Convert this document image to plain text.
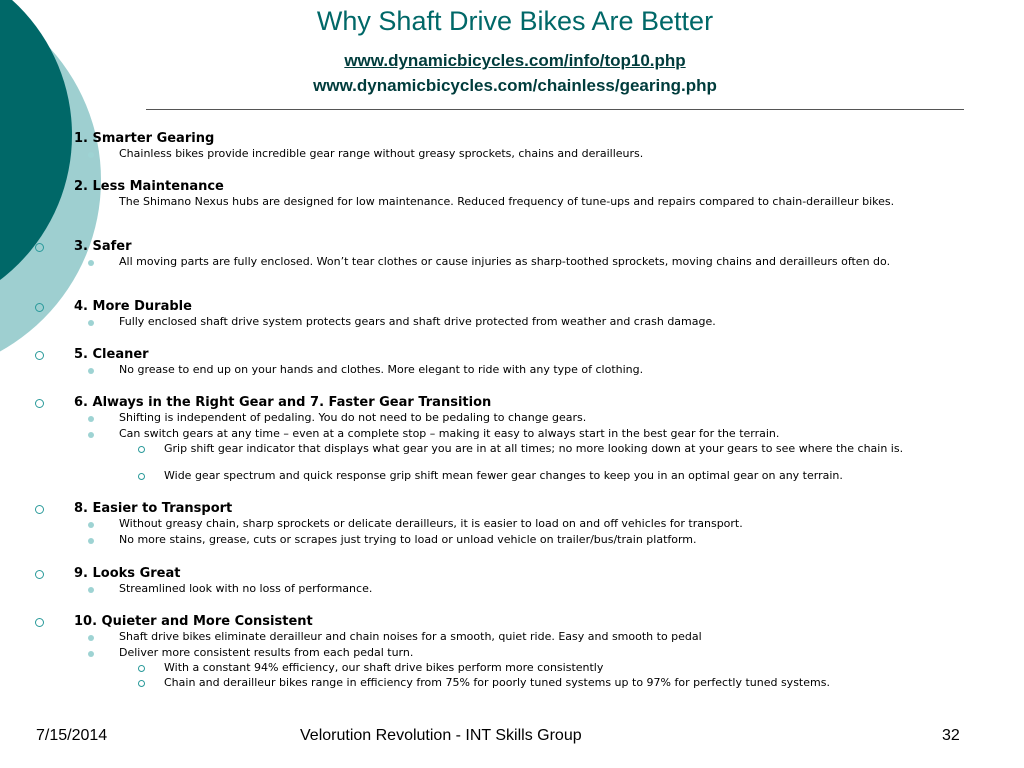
Why Shaft Drive Bikes Are Better
www.dynamicbicycles.com/info/top10.php
www.dynamicbicycles.com/chainless/gearing.php
1. Smarter Gearing
Chainless bikes provide incredible gear range without greasy sprockets, chains and derailleurs.
2. Less Maintenance
The Shimano Nexus hubs are designed for low maintenance. Reduced frequency of tune-ups and repairs compared to chain-derailleur bikes.
3. Safer
All moving parts are fully enclosed. Won’t tear clothes or cause injuries as sharp-toothed sprockets, moving chains and derailleurs often do.
4. More Durable
Fully enclosed shaft drive system protects gears and shaft drive protected from weather and crash damage.
5. Cleaner
No grease to end up on your hands and clothes. More elegant to ride with any type of clothing.
6. Always in the Right Gear and 7. Faster Gear Transition
Shifting is independent of pedaling. You do not need to be pedaling to change gears.
Can switch gears at any time – even at a complete stop – making it easy to always start in the best gear for the terrain.
Grip shift gear indicator that displays what gear you are in at all times; no more looking down at your gears to see where the chain is.
Wide gear spectrum and quick response grip shift mean fewer gear changes to keep you in an optimal gear on any terrain.
8. Easier to Transport
Without greasy chain, sharp sprockets or delicate derailleurs, it is easier to load on and off vehicles for transport.
No more stains, grease, cuts or scrapes just trying to load or unload vehicle on trailer/bus/train platform.
9. Looks Great
Streamlined look with no loss of performance.
10. Quieter and More Consistent
Shaft drive bikes eliminate derailleur and chain noises for a smooth, quiet ride. Easy and smooth to pedal
Deliver more consistent results from each pedal turn.
With a constant 94% efficiency, our shaft drive bikes perform more consistently
Chain and derailleur bikes range in efficiency from 75% for poorly tuned systems up to 97% for perfectly tuned systems.
7/15/2014	Velorution Revolution - INT Skills Group	32
